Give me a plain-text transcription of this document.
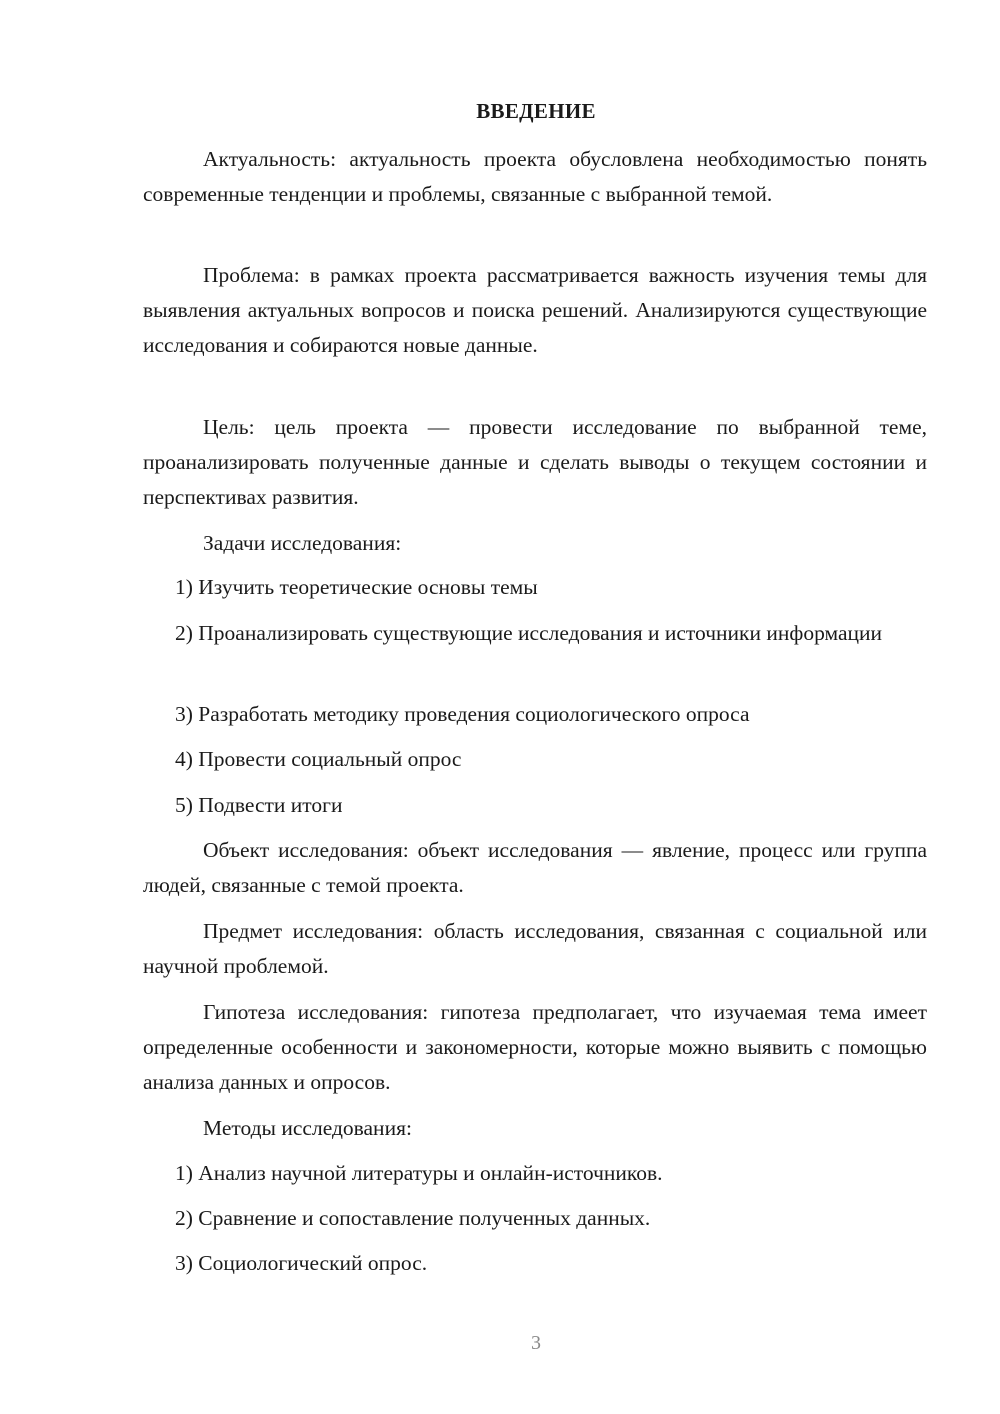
ВВЕДЕНИЕ

Актуальность: актуальность проекта обусловлена необходимостью понять современные тенденции и проблемы, связанные с выбранной темой.

Проблема: в рамках проекта рассматривается важность изучения темы для выявления актуальных вопросов и поиска решений. Анализируются существующие исследования и собираются новые данные.

Цель: цель проекта — провести исследование по выбранной теме, проанализировать полученные данные и сделать выводы о текущем состоянии и перспективах развития.

Задачи исследования:

1) Изучить теоретические основы темы

2) Проанализировать существующие исследования и источники информации

3) Разработать методику проведения социологического опроса

4) Провести социальный опрос

5) Подвести итоги

Объект исследования: объект исследования — явление, процесс или группа людей, связанные с темой проекта.

Предмет исследования: область исследования, связанная с социальной или научной проблемой.

Гипотеза исследования: гипотеза предполагает, что изучаемая тема имеет определенные особенности и закономерности, которые можно выявить с помощью анализа данных и опросов.

Методы исследования:

1) Анализ научной литературы и онлайн-источников.

2) Сравнение и сопоставление полученных данных.

3) Социологический опрос.

3
